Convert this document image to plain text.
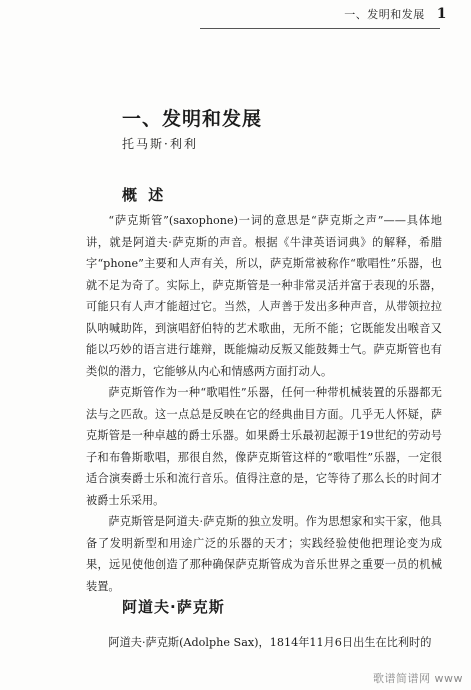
一、发明和发展 1
一、发明和发展
托马斯·利利
概 述

“萨克斯管”(saxophone)一词的意思是“萨克斯之声”——具体地讲，就是阿道夫·萨克斯的声音。根据《牛津英语词典》的解释，希腊字“phone”主要和人声有关，所以，萨克斯常被称作“歌唱性”乐器，也就不足为奇了。实际上，萨克斯管是一种非常灵活并富于表现的乐器，可能只有人声才能超过它。当然，人声善于发出多种声音，从带领拉拉队呐喊助阵，到演唱舒伯特的艺术歌曲，无所不能；它既能发出喉音又能以巧妙的语言进行雄辩，既能煽动反叛又能鼓舞士气。萨克斯管也有类似的潜力，它能够从内心和情感两方面打动人。

萨克斯管作为一种“歌唱性”乐器，任何一种带机械装置的乐器都无法与之匹敌。这一点总是反映在它的经典曲目方面。几乎无人怀疑，萨克斯管是一种卓越的爵士乐器。如果爵士乐最初起源于19世纪的劳动号子和布鲁斯歌唱，那很自然，像萨克斯管这样的“歌唱性”乐器，一定很适合演奏爵士乐和流行音乐。值得注意的是，它等待了那么长的时间才被爵士乐采用。

萨克斯管是阿道夫·萨克斯的独立发明。作为思想家和实干家，他具备了发明新型和用途广泛的乐器的天才；实践经验使他把理论变为成果，远见使他创造了那种确保萨克斯管成为音乐世界之重要一员的机械装置。

阿道夫·萨克斯

阿道夫·萨克斯(Adolphe Sax)，1814年11月6日出生在比利时的

歌谱简谱网 www
